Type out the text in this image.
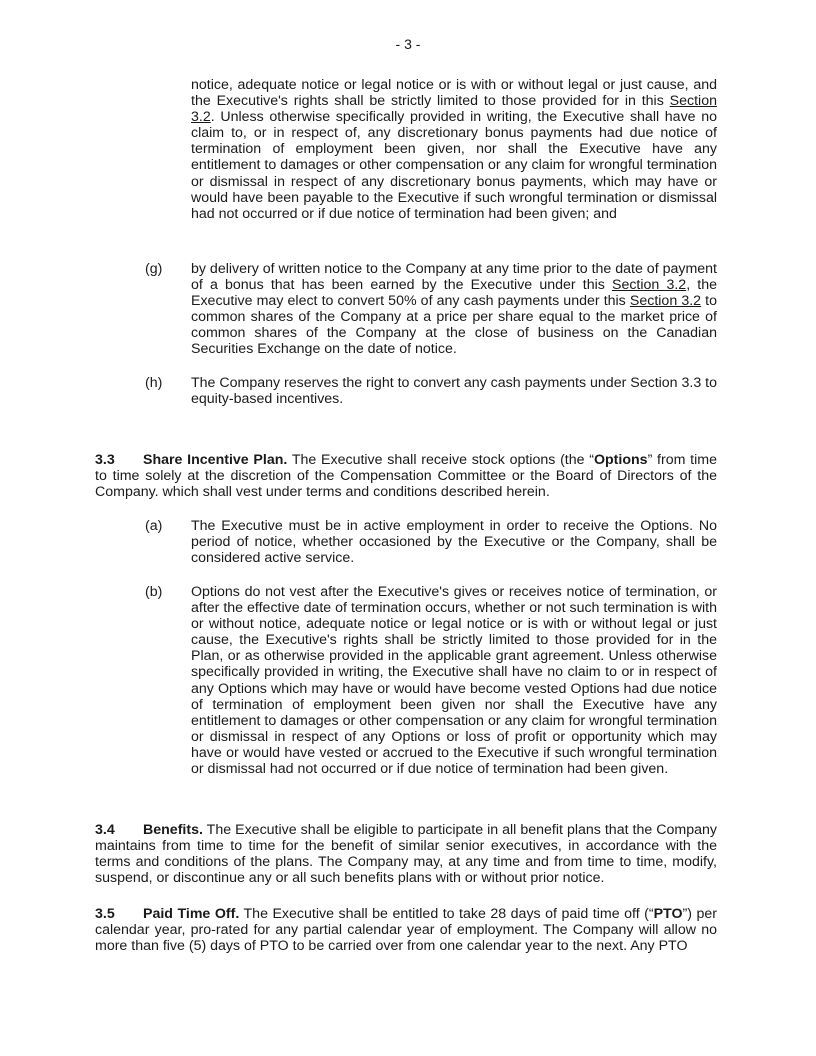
- 3 -

notice, adequate notice or legal notice or is with or without legal or just cause, and the Executive's rights shall be strictly limited to those provided for in this Section 3.2. Unless otherwise specifically provided in writing, the Executive shall have no claim to, or in respect of, any discretionary bonus payments had due notice of termination of employment been given, nor shall the Executive have any entitlement to damages or other compensation or any claim for wrongful termination or dismissal in respect of any discretionary bonus payments, which may have or would have been payable to the Executive if such wrongful termination or dismissal had not occurred or if due notice of termination had been given; and

(g) by delivery of written notice to the Company at any time prior to the date of payment of a bonus that has been earned by the Executive under this Section 3.2, the Executive may elect to convert 50% of any cash payments under this Section 3.2 to common shares of the Company at a price per share equal to the market price of common shares of the Company at the close of business on the Canadian Securities Exchange on the date of notice.

(h) The Company reserves the right to convert any cash payments under Section 3.3 to equity-based incentives.

3.3 Share Incentive Plan. The Executive shall receive stock options (the “Options” from time to time solely at the discretion of the Compensation Committee or the Board of Directors of the Company. which shall vest under terms and conditions described herein.

(a) The Executive must be in active employment in order to receive the Options. No period of notice, whether occasioned by the Executive or the Company, shall be considered active service.

(b) Options do not vest after the Executive's gives or receives notice of termination, or after the effective date of termination occurs, whether or not such termination is with or without notice, adequate notice or legal notice or is with or without legal or just cause, the Executive's rights shall be strictly limited to those provided for in the Plan, or as otherwise provided in the applicable grant agreement. Unless otherwise specifically provided in writing, the Executive shall have no claim to or in respect of any Options which may have or would have become vested Options had due notice of termination of employment been given nor shall the Executive have any entitlement to damages or other compensation or any claim for wrongful termination or dismissal in respect of any Options or loss of profit or opportunity which may have or would have vested or accrued to the Executive if such wrongful termination or dismissal had not occurred or if due notice of termination had been given.

3.4 Benefits. The Executive shall be eligible to participate in all benefit plans that the Company maintains from time to time for the benefit of similar senior executives, in accordance with the terms and conditions of the plans. The Company may, at any time and from time to time, modify, suspend, or discontinue any or all such benefits plans with or without prior notice.

3.5 Paid Time Off. The Executive shall be entitled to take 28 days of paid time off (“PTO”) per calendar year, pro-rated for any partial calendar year of employment. The Company will allow no more than five (5) days of PTO to be carried over from one calendar year to the next. Any PTO
